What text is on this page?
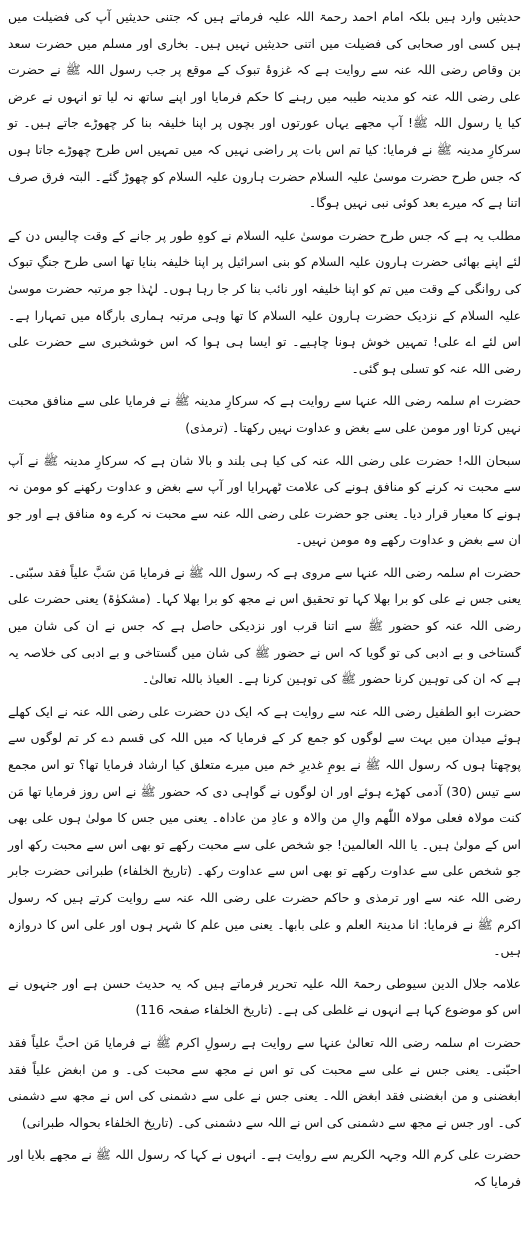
حدیثیں وارد ہیں بلکہ امام احمد رحمۃ اللہ علیہ فرماتے ہیں کہ جتنی حدیثیں آپ کی فضیلت میں ہیں کسی اور صحابی کی فضیلت میں اتنی حدیثیں نہیں ہیں۔ بخاری اور مسلم میں حضرت سعد بن وقاص رضی اللہ عنہ سے روایت ہے کہ غزوۂ تبوک کے موقع پر جب رسول اللہ ﷺ نے حضرت علی رضی اللہ عنہ کو مدینہ طیبہ میں رہنے کا حکم فرمایا اور اپنے ساتھ نہ لیا تو انہوں نے عرض کیا یا رسول اللہ ﷺ! آپ مجھے یہاں عورتوں اور بچوں پر اپنا خلیفہ بنا کر چھوڑے جاتے ہیں۔ تو سرکارِ مدینہ ﷺ نے فرمایا: کیا تم اس بات پر راضی نہیں کہ میں تمہیں اس طرح چھوڑے جاتا ہوں کہ جس طرح حضرت موسیٰ علیہ السلام حضرت ہارون علیہ السلام کو چھوڑ گئے۔ البتہ فرق صرف اتنا ہے کہ میرے بعد کوئی نبی نہیں ہوگا۔

مطلب یہ ہے کہ جس طرح حضرت موسیٰ علیہ السلام نے کوہِ طور پر جانے کے وقت چالیس دن کے لئے اپنے بھائی حضرت ہارون علیہ السلام کو بنی اسرائیل پر اپنا خلیفہ بنایا تھا اسی طرح جنگِ تبوک کی روانگی کے وقت میں تم کو اپنا خلیفہ اور نائب بنا کر جا رہا ہوں۔ لہٰذا جو مرتبہ حضرت موسیٰ علیہ السلام کے نزدیک حضرت ہارون علیہ السلام کا تھا وہی مرتبہ ہماری بارگاہ میں تمہارا ہے۔ اس لئے اے علی! تمہیں خوش ہونا چاہیے۔ تو ایسا ہی ہوا کہ اس خوشخبری سے حضرت علی رضی اللہ عنہ کو تسلی ہو گئی۔

حضرت ام سلمہ رضی اللہ عنہا سے روایت ہے کہ سرکارِ مدینہ ﷺ نے فرمایا علی سے منافق محبت نہیں کرتا اور مومن علی سے بغض و عداوت نہیں رکھتا۔ (ترمذی)

سبحان اللہ! حضرت علی رضی اللہ عنہ کی کیا ہی بلند و بالا شان ہے کہ سرکارِ مدینہ ﷺ نے آپ سے محبت نہ کرنے کو منافق ہونے کی علامت ٹھہرایا اور آپ سے بغض و عداوت رکھنے کو مومن نہ ہونے کا معیار قرار دیا۔ یعنی جو حضرت علی رضی اللہ عنہ سے محبت نہ کرے وہ منافق ہے اور جو ان سے بغض و عداوت رکھے وہ مومن نہیں۔

حضرت ام سلمہ رضی اللہ عنہا سے مروی ہے کہ رسول اللہ ﷺ نے فرمایا مَن سَبَّ علیاً فقد سبّنی۔ یعنی جس نے علی کو برا بھلا کہا تو تحقیق اس نے مجھ کو برا بھلا کہا۔ (مشکوٰۃ) یعنی حضرت علی رضی اللہ عنہ کو حضور ﷺ سے اتنا قرب اور نزدیکی حاصل ہے کہ جس نے ان کی شان میں گستاخی و بے ادبی کی تو گویا کہ اس نے حضور ﷺ کی شان میں گستاخی و بے ادبی کی خلاصہ یہ ہے کہ ان کی توہین کرنا حضور ﷺ کی توہین کرنا ہے۔ العیاذ باللہ تعالیٰ۔

حضرت ابو الطفیل رضی اللہ عنہ سے روایت ہے کہ ایک دن حضرت علی رضی اللہ عنہ نے ایک کھلے ہوئے میدان میں بہت سے لوگوں کو جمع کر کے فرمایا کہ میں اللہ کی قسم دے کر تم لوگوں سے پوچھتا ہوں کہ رسول اللہ ﷺ نے یومِ غدیرِ خم میں میرے متعلق کیا ارشاد فرمایا تھا؟ تو اس مجمع سے تیس (30) آدمی کھڑے ہوئے اور ان لوگوں نے گواہی دی کہ حضور ﷺ نے اس روز فرمایا تھا مَن کنت مولاہ فعلی مولاہ اللّٰھم والِ من والاہ و عادِ من عاداہ۔ یعنی میں جس کا مولیٰ ہوں علی بھی اس کے مولیٰ ہیں۔ یا اللہ العالمین! جو شخص علی سے محبت رکھے تو بھی اس سے محبت رکھ اور جو شخص علی سے عداوت رکھے تو بھی اس سے عداوت رکھ۔ (تاریخ الخلفاء) طبرانی حضرت جابر رضی اللہ عنہ سے اور ترمذی و حاکم حضرت علی رضی اللہ عنہ سے روایت کرتے ہیں کہ رسول اکرم ﷺ نے فرمایا: انا مدینۃ العلم و علی بابھا۔ یعنی میں علم کا شہر ہوں اور علی اس کا دروازہ ہیں۔

علامہ جلال الدین سیوطی رحمۃ اللہ علیہ تحریر فرماتے ہیں کہ یہ حدیث حسن ہے اور جنہوں نے اس کو موضوع کہا ہے انہوں نے غلطی کی ہے۔ (تاریخ الخلفاء صفحہ 116)

حضرت ام سلمہ رضی اللہ تعالیٰ عنہا سے روایت ہے رسولِ اکرم ﷺ نے فرمایا مَن احبَّ علیاً فقد احبّنی۔ یعنی جس نے علی سے محبت کی تو اس نے مجھ سے محبت کی۔ و من ابغض علیاً فقد ابغضنی و من ابغضنی فقد ابغض اللہ۔ یعنی جس نے علی سے دشمنی کی اس نے مجھ سے دشمنی کی۔ اور جس نے مجھ سے دشمنی کی اس نے اللہ سے دشمنی کی۔ (تاریخ الخلفاء بحوالہ طبرانی)

حضرت علی کرم اللہ وجہہ الکریم سے روایت ہے۔ انہوں نے کہا کہ رسول اللہ ﷺ نے مجھے بلایا اور فرمایا کہ
